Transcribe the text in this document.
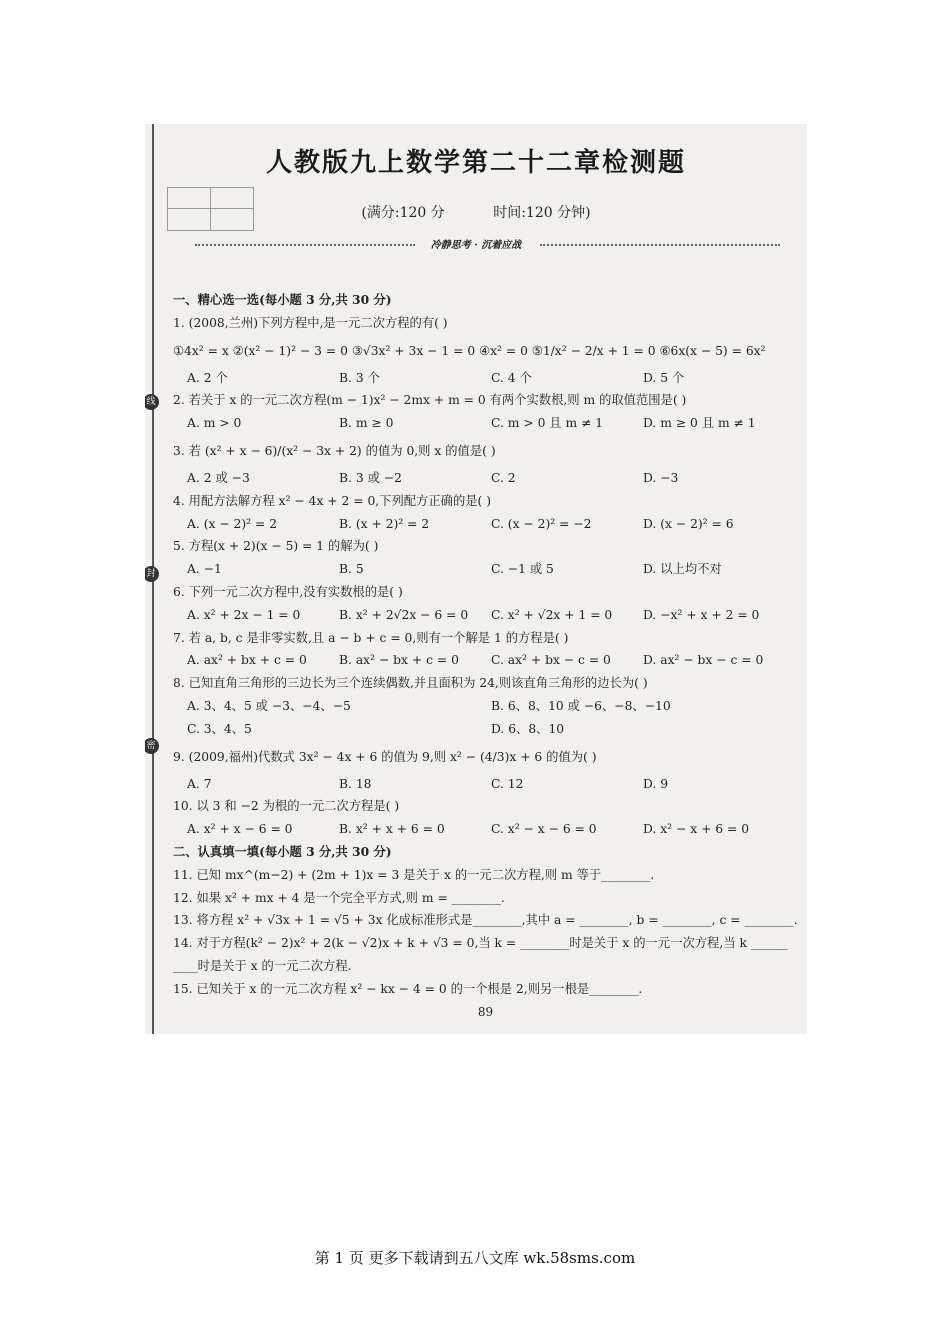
线
封
密
人教版九上数学第二十二章检测题
(满分:120 分	时间:120 分钟)
冷静思考 · 沉着应战
一、精心选一选(每小题 3 分,共 30 分)
1. (2008,兰州)下列方程中,是一元二次方程的有( )
①4x² = x ②(x² − 1)² − 3 = 0 ③√3x² + 3x − 1 = 0 ④x² = 0 ⑤1/x² − 2/x + 1 = 0 ⑥6x(x − 5) = 6x²
A. 2 个	B. 3 个	C. 4 个	D. 5 个
2. 若关于 x 的一元二次方程(m − 1)x² − 2mx + m = 0 有两个实数根,则 m 的取值范围是( )
A. m > 0	B. m ≥ 0	C. m > 0 且 m ≠ 1	D. m ≥ 0 且 m ≠ 1
3. 若 (x² + x − 6)/(x² − 3x + 2) 的值为 0,则 x 的值是( )
A. 2 或 −3	B. 3 或 −2	C. 2	D. −3
4. 用配方法解方程 x² − 4x + 2 = 0,下列配方正确的是( )
A. (x − 2)² = 2	B. (x + 2)² = 2	C. (x − 2)² = −2	D. (x − 2)² = 6
5. 方程(x + 2)(x − 5) = 1 的解为( )
A. −1	B. 5	C. −1 或 5	D. 以上均不对
6. 下列一元二次方程中,没有实数根的是( )
A. x² + 2x − 1 = 0	B. x² + 2√2x − 6 = 0 C. x² + √2x + 1 = 0 D. −x² + x + 2 = 0
7. 若 a, b, c 是非零实数,且 a − b + c = 0,则有一个解是 1 的方程是( )
A. ax² + bx + c = 0	B. ax² − bx + c = 0	C. ax² + bx − c = 0	D. ax² − bx − c = 0
8. 已知直角三角形的三边长为三个连续偶数,并且面积为 24,则该直角三角形的边长为( )
A. 3、4、5 或 −3、−4、−5	B. 6、8、10 或 −6、−8、−10
C. 3、4、5	D. 6、8、10
9. (2009,福州)代数式 3x² − 4x + 6 的值为 9,则 x² − (4/3)x + 6 的值为( )
A. 7	B. 18	C. 12	D. 9
10. 以 3 和 −2 为根的一元二次方程是( )
A. x² + x − 6 = 0	B. x² + x + 6 = 0	C. x² − x − 6 = 0	D. x² − x + 6 = 0
二、认真填一填(每小题 3 分,共 30 分)
11. 已知 mx^(m−2) + (2m + 1)x = 3 是关于 x 的一元二次方程,则 m 等于________.
12. 如果 x² + mx + 4 是一个完全平方式,则 m = ________.
13. 将方程 x² + √3x + 1 = √5 + 3x 化成标准形式是________,其中 a = ________, b = ________, c = ________.
14. 对于方程(k² − 2)x² + 2(k − √2)x + k + √3 = 0,当 k = ________时是关于 x 的一元一次方程,当 k ______
____时是关于 x 的一元二次方程.
15. 已知关于 x 的一元二次方程 x² − kx − 4 = 0 的一个根是 2,则另一根是________.
89
第 1 页 更多下载请到五八文库 wk.58sms.com
